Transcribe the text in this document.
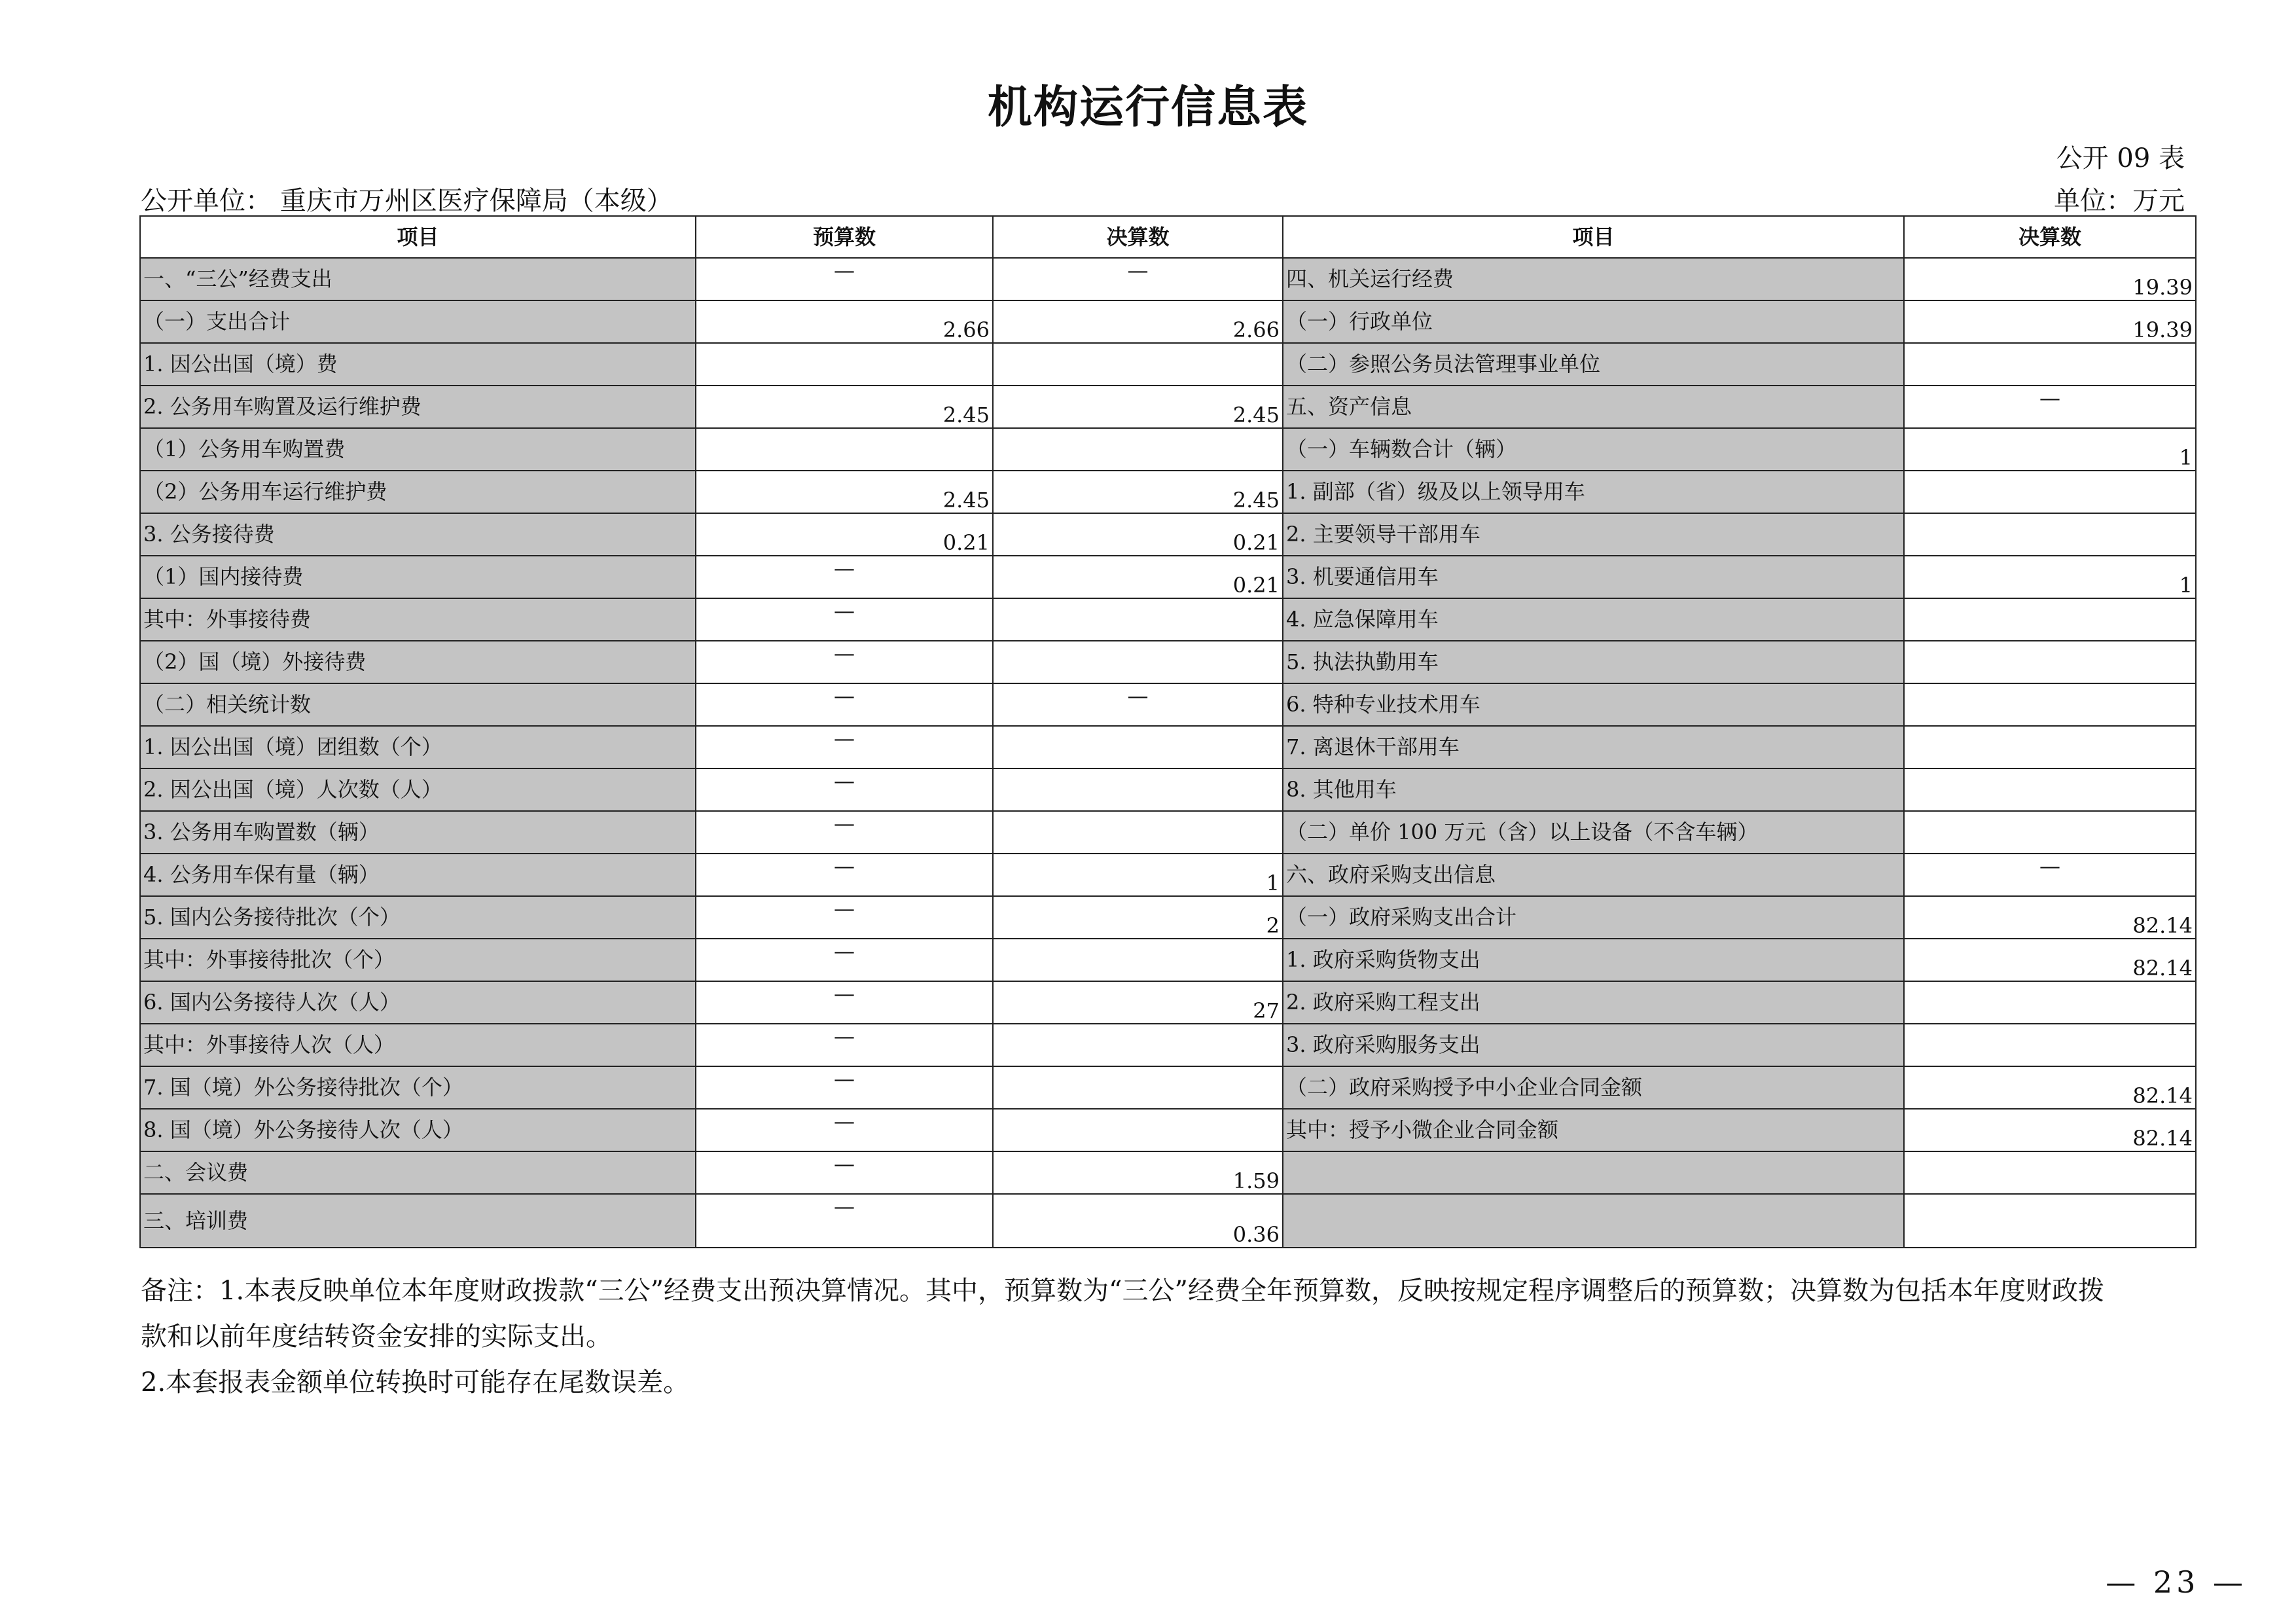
机构运行信息表
公开 09 表
公开单位： 重庆市万州区医疗保障局（本级）	单位：万元
项目	预算数	决算数	项目	决算数
一、“三公”经费支出	—	—	四、机关运行经费	19.39
（一）支出合计	2.66	2.66	（一）行政单位	19.39
1. 因公出国（境）费			（二）参照公务员法管理事业单位	
2. 公务用车购置及运行维护费	2.45	2.45	五、资产信息	—
（1）公务用车购置费			（一）车辆数合计（辆）	1
（2）公务用车运行维护费	2.45	2.45	1. 副部（省）级及以上领导用车	
3. 公务接待费	0.21	0.21	2. 主要领导干部用车	
（1）国内接待费	—	0.21	3. 机要通信用车	1
其中：外事接待费	—		4. 应急保障用车	
（2）国（境）外接待费	—		5. 执法执勤用车	
（二）相关统计数	—	—	6. 特种专业技术用车	
1. 因公出国（境）团组数（个）	—		7. 离退休干部用车	
2. 因公出国（境）人次数（人）	—		8. 其他用车	
3. 公务用车购置数（辆）	—		（二）单价 100 万元（含）以上设备（不含车辆）	
4. 公务用车保有量（辆）	—	1	六、政府采购支出信息	—
5. 国内公务接待批次（个）	—	2	（一）政府采购支出合计	82.14
其中：外事接待批次（个）	—		1. 政府采购货物支出	82.14
6. 国内公务接待人次（人）	—	27	2. 政府采购工程支出	
其中：外事接待人次（人）	—		3. 政府采购服务支出	
7. 国（境）外公务接待批次（个）	—		（二）政府采购授予中小企业合同金额	82.14
8. 国（境）外公务接待人次（人）	—		其中：授予小微企业合同金额	82.14
二、会议费	—	1.59		
三、培训费	—	0.36		
备注：1.本表反映单位本年度财政拨款“三公”经费支出预决算情况。其中，预算数为“三公”经费全年预算数，反映按规定程序调整后的预算数；决算数为包括本年度财政拨
款和以前年度结转资金安排的实际支出。
2.本套报表金额单位转换时可能存在尾数误差。
— 23 —
